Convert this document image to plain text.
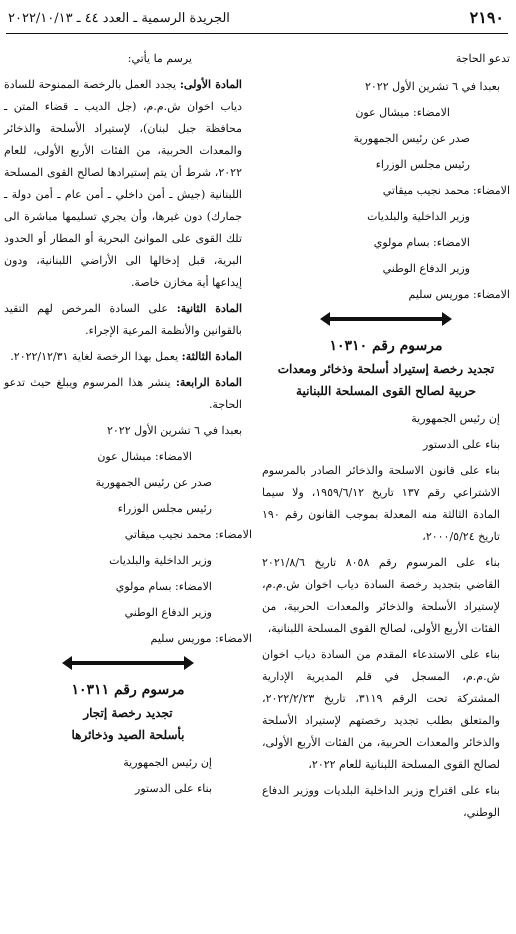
٢١٩٠
الجريدة الرسمية ـ العدد ٤٤ ـ ٢٠٢٢/١٠/١٣

تدعو الحاجة

بعبدا في ٦ تشرين الأول ٢٠٢٢

الامضاء: ميشال عون

صدر عن رئيس الجمهورية

رئيس مجلس الوزراء

الامضاء: محمد نجيب ميقاتي

وزير الداخلية والبلديات

الامضاء: بسام مولوي

وزير الدفاع الوطني

الامضاء: موريس سليم

مرسوم رقم ١٠٣١٠
تجديد رخصة إستيراد أسلحة وذخائر ومعدات
حربية لصالح القوى المسلحة اللبنانية

إن رئيس الجمهورية

بناء على الدستور

بناء على قانون الاسلحة والذخائر الصادر بالمرسوم الاشتراعي رقم ١٣٧ تاريخ ١٩٥٩/٦/١٢، ولا سيما المادة الثالثة منه المعدلة بموجب القانون رقم ١٩٠ تاريخ ٢٠٠٠/٥/٢٤،

بناء على المرسوم رقم ٨٠٥٨ تاريخ ٢٠٢١/٨/٦ القاضي بتجديد رخصة السادة دياب اخوان ش.م.م، لإستيراد الأسلحة والذخائر والمعدات الحربية، من الفئات الأربع الأولى، لصالح القوى المسلحة اللبنانية،

بناء على الاستدعاء المقدم من السادة دياب اخوان ش.م.م، المسجل في قلم المديرية الإدارية المشتركة تحت الرقم ٣١١٩، تاريخ ٢٠٢٢/٢/٢٣، والمتعلق بطلب تجديد رخصتهم لإستيراد الأسلحة والذخائر والمعدات الحربية، من الفئات الأربع الأولى، لصالح القوى المسلحة اللبنانية للعام ٢٠٢٢،

بناء على اقتراح وزير الداخلية البلديات ووزير الدفاع الوطني،

يرسم ما يأتي:

المادة الأولى: يجدد العمل بالرخصة الممنوحة للسادة دياب اخوان ش.م.م، (جل الديب ـ قضاء المتن ـ محافظة جبل لبنان)، لإستيراد الأسلحة والذخائر والمعدات الحربية، من الفئات الأربع الأولى، للعام ٢٠٢٢، شرط أن يتم إستيرادها لصالح القوى المسلحة اللبنانية (جيش ـ أمن داخلي ـ أمن عام ـ أمن دولة ـ جمارك) دون غيرها، وأن يجري تسليمها مباشرة الى تلك القوى على الموانئ البحرية أو المطار أو الحدود البرية، قبل إدخالها الى الأراضي اللبنانية، ودون إيداعها أية مخازن خاصة.

المادة الثانية: على السادة المرخص لهم التقيد بالقوانين والأنظمة المرعية الإجراء.

المادة الثالثة: يعمل بهذا الرخصة لغاية ٢٠٢٢/١٢/٣١.

المادة الرابعة: ينشر هذا المرسوم ويبلغ حيث تدعو الحاجة.

بعبدا في ٦ تشرين الأول ٢٠٢٢

الامضاء: ميشال عون

صدر عن رئيس الجمهورية

رئيس مجلس الوزراء

الامضاء: محمد نجيب ميقاتي

وزير الداخلية والبلديات

الامضاء: بسام مولوي

وزير الدفاع الوطني

الامضاء: موريس سليم

مرسوم رقم ١٠٣١١
تجديد رخصة إتجار
بأسلحة الصيد وذخائرها

إن رئيس الجمهورية

بناء على الدستور
